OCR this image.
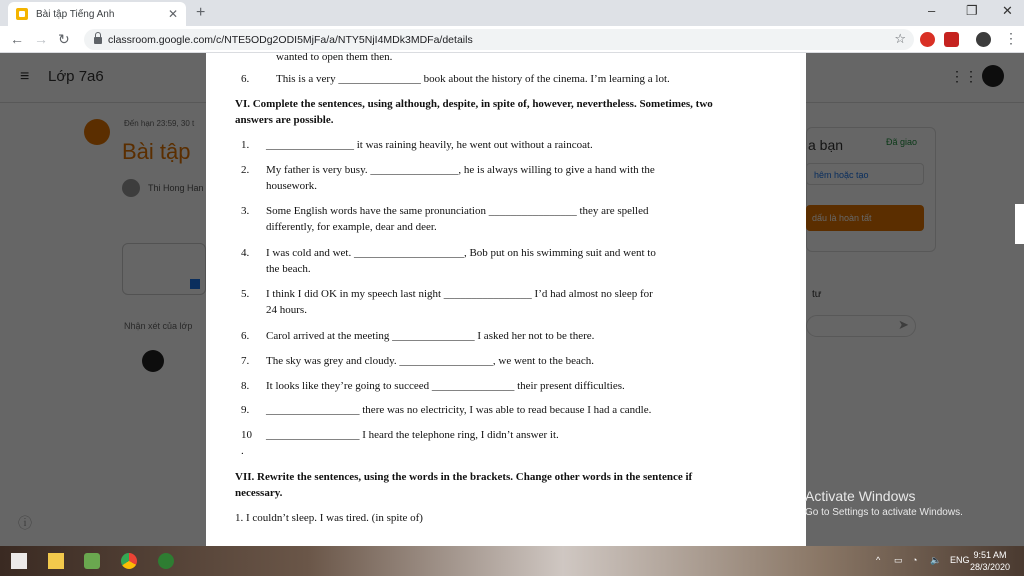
Bài tập Tiếng Anh	✕ +	– ❐ ✕
← → ↻	classroom.google.com/c/NTE5ODg2ODI5MjFa/a/NTY5NjI4MDk3MDFa/details	☆	⋮
wanted to open them then.
6. This is a very _______________ book about the history of the cinema. I’m learning a lot.
VI. Complete the sentences, using although, despite, in spite of, however, nevertheless. Sometimes, two
answers are possible.
1. ________________ it was raining heavily, he went out without a raincoat.
2. My father is very busy. ________________, he is always willing to give a hand with the
housework.
3. Some English words have the same pronunciation ________________ they are spelled
differently, for example, dear and deer.
4. I was cold and wet. ____________________, Bob put on his swimming suit and went to
the beach.
5. I think I did OK in my speech last night ________________ I’d had almost no sleep for
24 hours.
6. Carol arrived at the meeting _______________ I asked her not to be there.
7. The sky was grey and cloudy. _________________, we went to the beach.
8. It looks like they’re going to succeed _______________ their present difficulties.
9. _________________ there was no electricity, I was able to read because I had a candle.
10 _________________ I heard the telephone ring, I didn’t answer it.
.
VII. Rewrite the sentences, using the words in the brackets. Change other words in the sentence if
necessary.
1. I couldn’t sleep. I was tired. (in spite of)
Activate Windows
Go to Settings to activate Windows.
^ ▭ ◔ 🔈 ENG 9:51 AM
28/3/2020
